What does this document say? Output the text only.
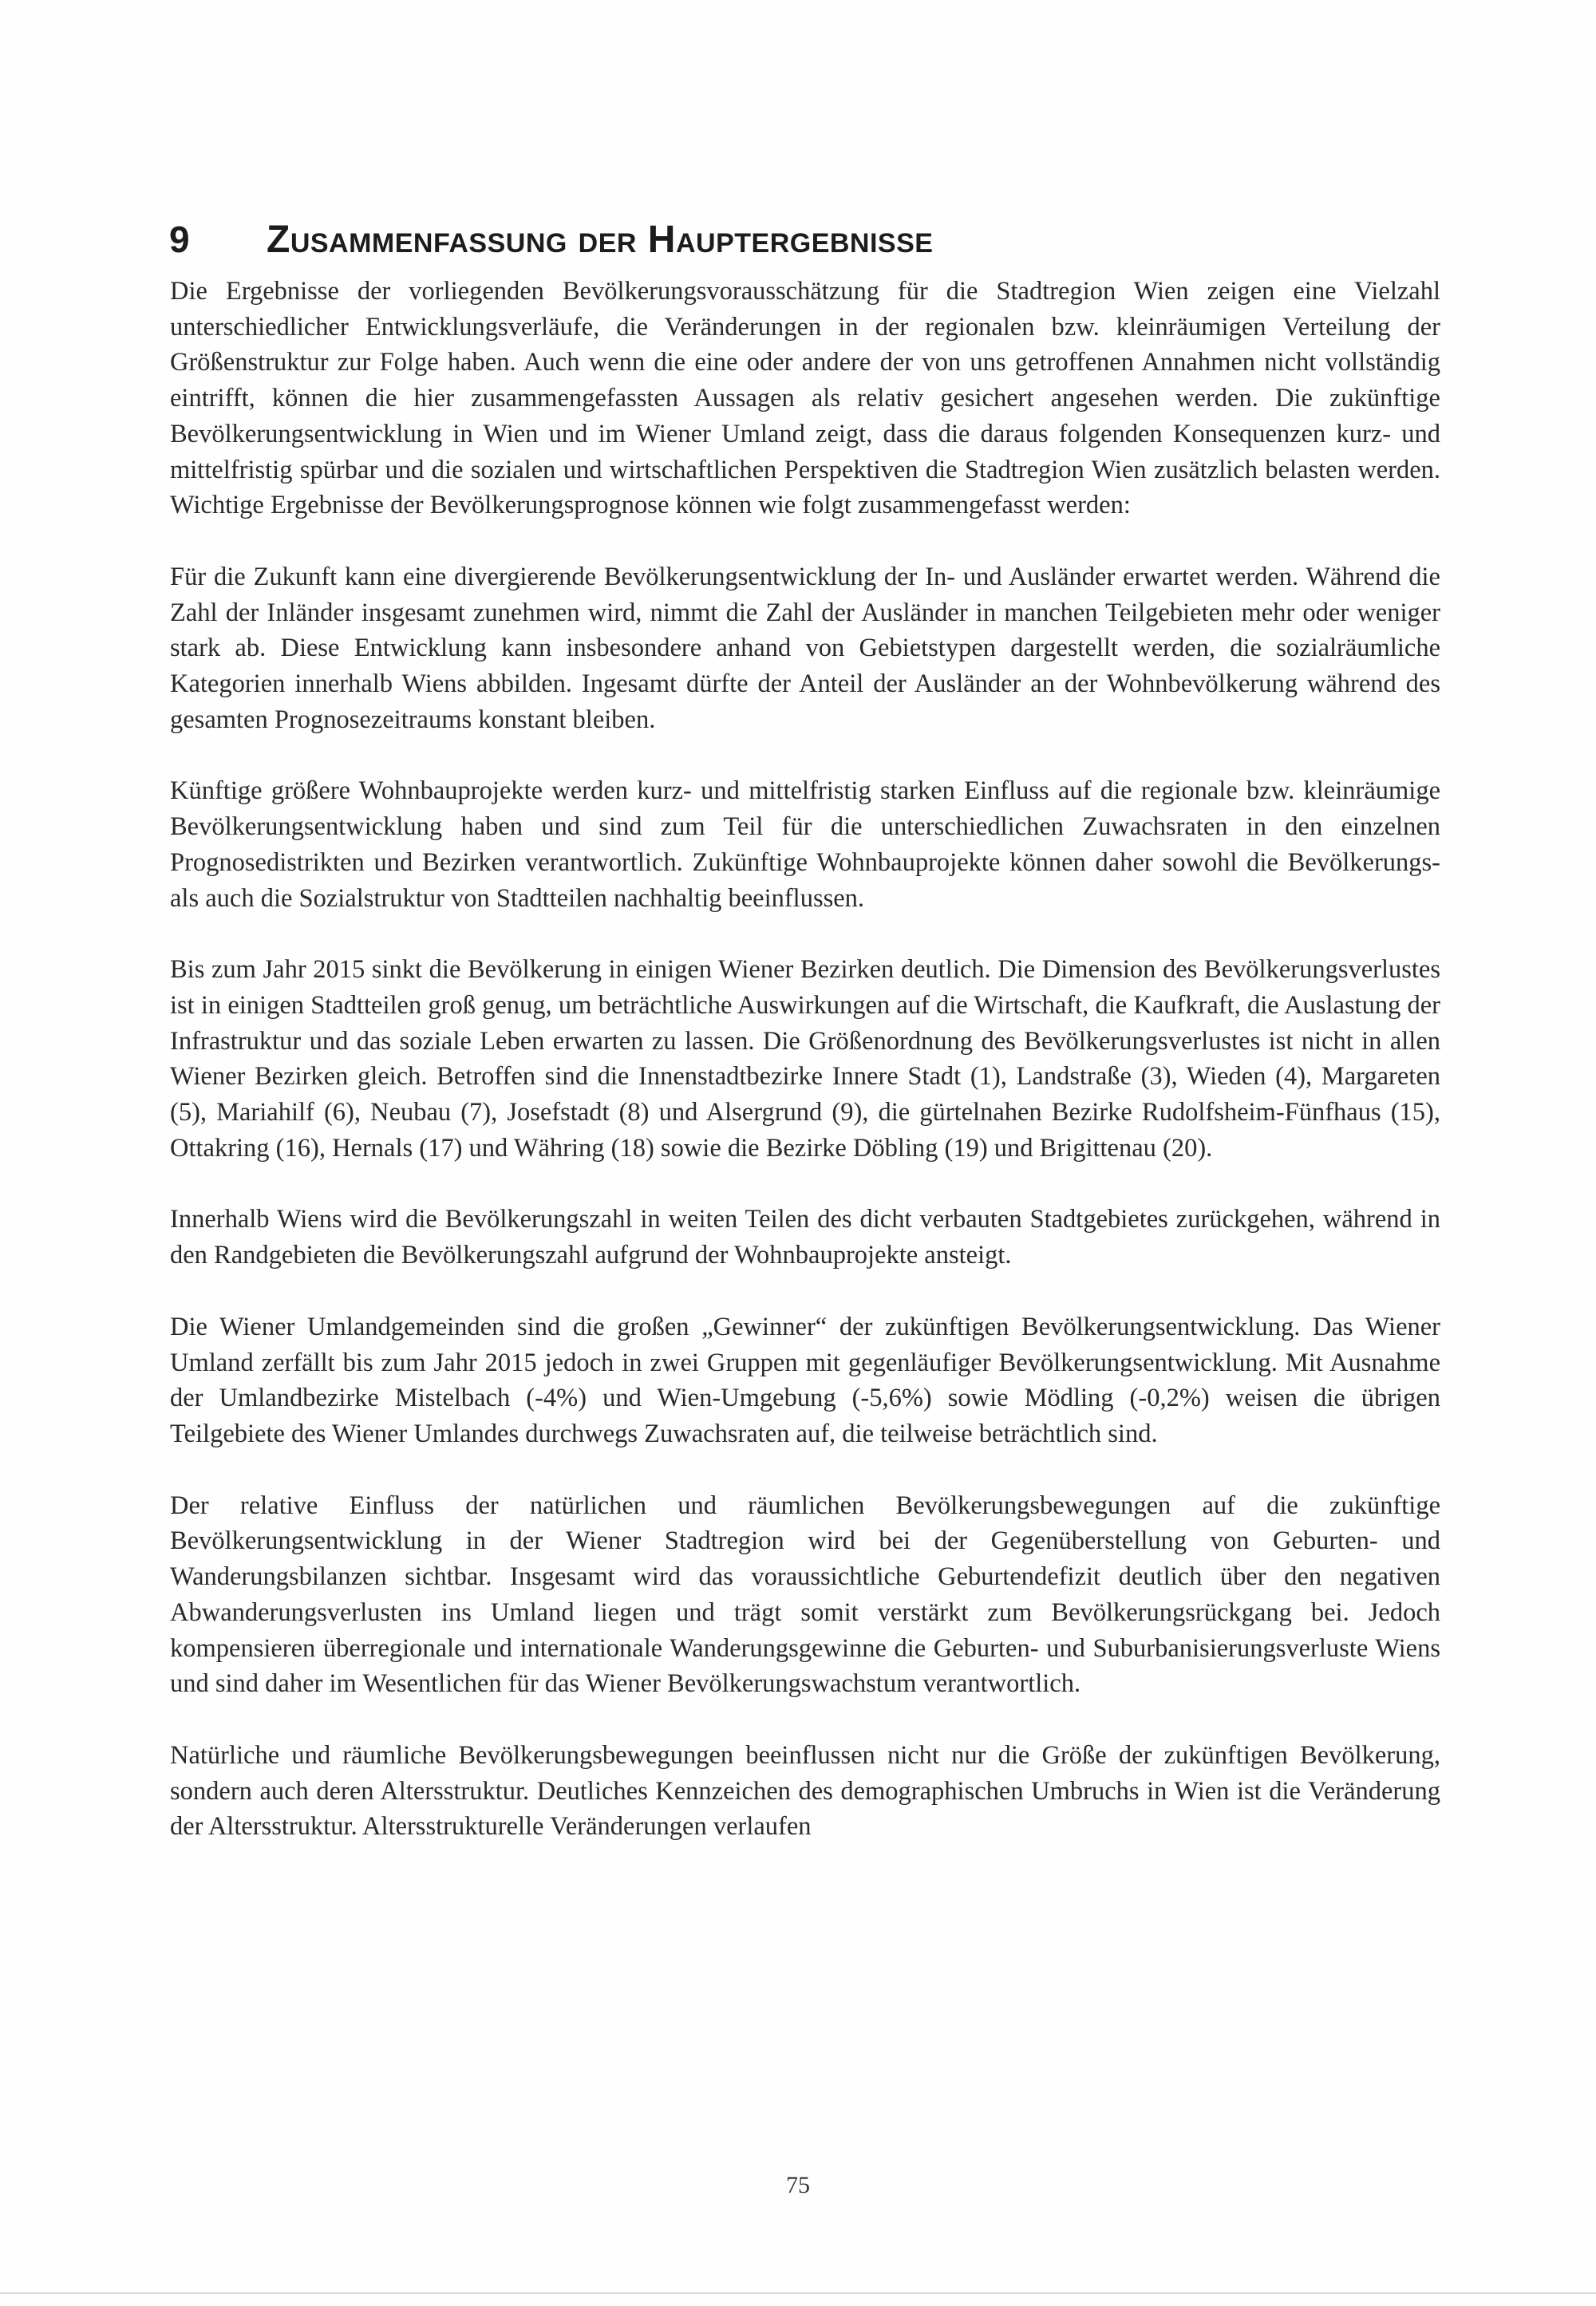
9 Zusammenfassung der Hauptergebnisse

Die Ergebnisse der vorliegenden Bevölkerungsvorausschätzung für die Stadtregion Wien zeigen eine Vielzahl unterschiedlicher Entwicklungsverläufe, die Veränderungen in der regionalen bzw. kleinräumigen Verteilung der Größenstruktur zur Folge haben. Auch wenn die eine oder andere der von uns getroffenen Annahmen nicht vollständig eintrifft, können die hier zusammengefassten Aussagen als relativ gesichert angesehen werden. Die zukünftige Bevölkerungsentwicklung in Wien und im Wiener Umland zeigt, dass die daraus folgenden Konsequenzen kurz- und mittelfristig spürbar und die sozialen und wirtschaftlichen Perspektiven die Stadtregion Wien zusätzlich belasten werden. Wichtige Ergebnisse der Bevölkerungsprognose können wie folgt zusammengefasst werden:

Für die Zukunft kann eine divergierende Bevölkerungsentwicklung der In- und Ausländer erwartet werden. Während die Zahl der Inländer insgesamt zunehmen wird, nimmt die Zahl der Ausländer in manchen Teilgebieten mehr oder weniger stark ab. Diese Entwicklung kann insbesondere anhand von Gebietstypen dargestellt werden, die sozialräumliche Kategorien innerhalb Wiens abbilden. Ingesamt dürfte der Anteil der Ausländer an der Wohnbevölkerung während des gesamten Prognosezeitraums konstant bleiben.

Künftige größere Wohnbauprojekte werden kurz- und mittelfristig starken Einfluss auf die regionale bzw. kleinräumige Bevölkerungsentwicklung haben und sind zum Teil für die unterschiedlichen Zuwachsraten in den einzelnen Prognosedistrikten und Bezirken verantwortlich. Zukünftige Wohnbauprojekte können daher sowohl die Bevölkerungs- als auch die Sozialstruktur von Stadtteilen nachhaltig beeinflussen.

Bis zum Jahr 2015 sinkt die Bevölkerung in einigen Wiener Bezirken deutlich. Die Dimension des Bevölkerungsverlustes ist in einigen Stadtteilen groß genug, um beträchtliche Auswirkungen auf die Wirtschaft, die Kaufkraft, die Auslastung der Infrastruktur und das soziale Leben erwarten zu lassen. Die Größenordnung des Bevölkerungsverlustes ist nicht in allen Wiener Bezirken gleich. Betroffen sind die Innenstadtbezirke Innere Stadt (1), Landstraße (3), Wieden (4), Margareten (5), Mariahilf (6), Neubau (7), Josefstadt (8) und Alsergrund (9), die gürtelnahen Bezirke Rudolfsheim-Fünfhaus (15), Ottakring (16), Hernals (17) und Währing (18) sowie die Bezirke Döbling (19) und Brigittenau (20).

Innerhalb Wiens wird die Bevölkerungszahl in weiten Teilen des dicht verbauten Stadtgebietes zurückgehen, während in den Randgebieten die Bevölkerungszahl aufgrund der Wohnbauprojekte ansteigt.

Die Wiener Umlandgemeinden sind die großen „Gewinner“ der zukünftigen Bevölkerungsentwicklung. Das Wiener Umland zerfällt bis zum Jahr 2015 jedoch in zwei Gruppen mit gegenläufiger Bevölkerungsentwicklung. Mit Ausnahme der Umlandbezirke Mistelbach (-4%) und Wien-Umgebung (-5,6%) sowie Mödling (-0,2%) weisen die übrigen Teilgebiete des Wiener Umlandes durchwegs Zuwachsraten auf, die teilweise beträchtlich sind.

Der relative Einfluss der natürlichen und räumlichen Bevölkerungsbewegungen auf die zukünftige Bevölkerungsentwicklung in der Wiener Stadtregion wird bei der Gegenüberstellung von Geburten- und Wanderungsbilanzen sichtbar. Insgesamt wird das voraussichtliche Geburtendefizit deutlich über den negativen Abwanderungsverlusten ins Umland liegen und trägt somit verstärkt zum Bevölkerungsrückgang bei. Jedoch kompensieren überregionale und internationale Wanderungsgewinne die Geburten- und Suburbanisierungsverluste Wiens und sind daher im Wesentlichen für das Wiener Bevölkerungswachstum verantwortlich.

Natürliche und räumliche Bevölkerungsbewegungen beeinflussen nicht nur die Größe der zukünftigen Bevölkerung, sondern auch deren Altersstruktur. Deutliches Kennzeichen des demographischen Umbruchs in Wien ist die Veränderung der Altersstruktur. Altersstrukturelle Veränderungen verlaufen

75
